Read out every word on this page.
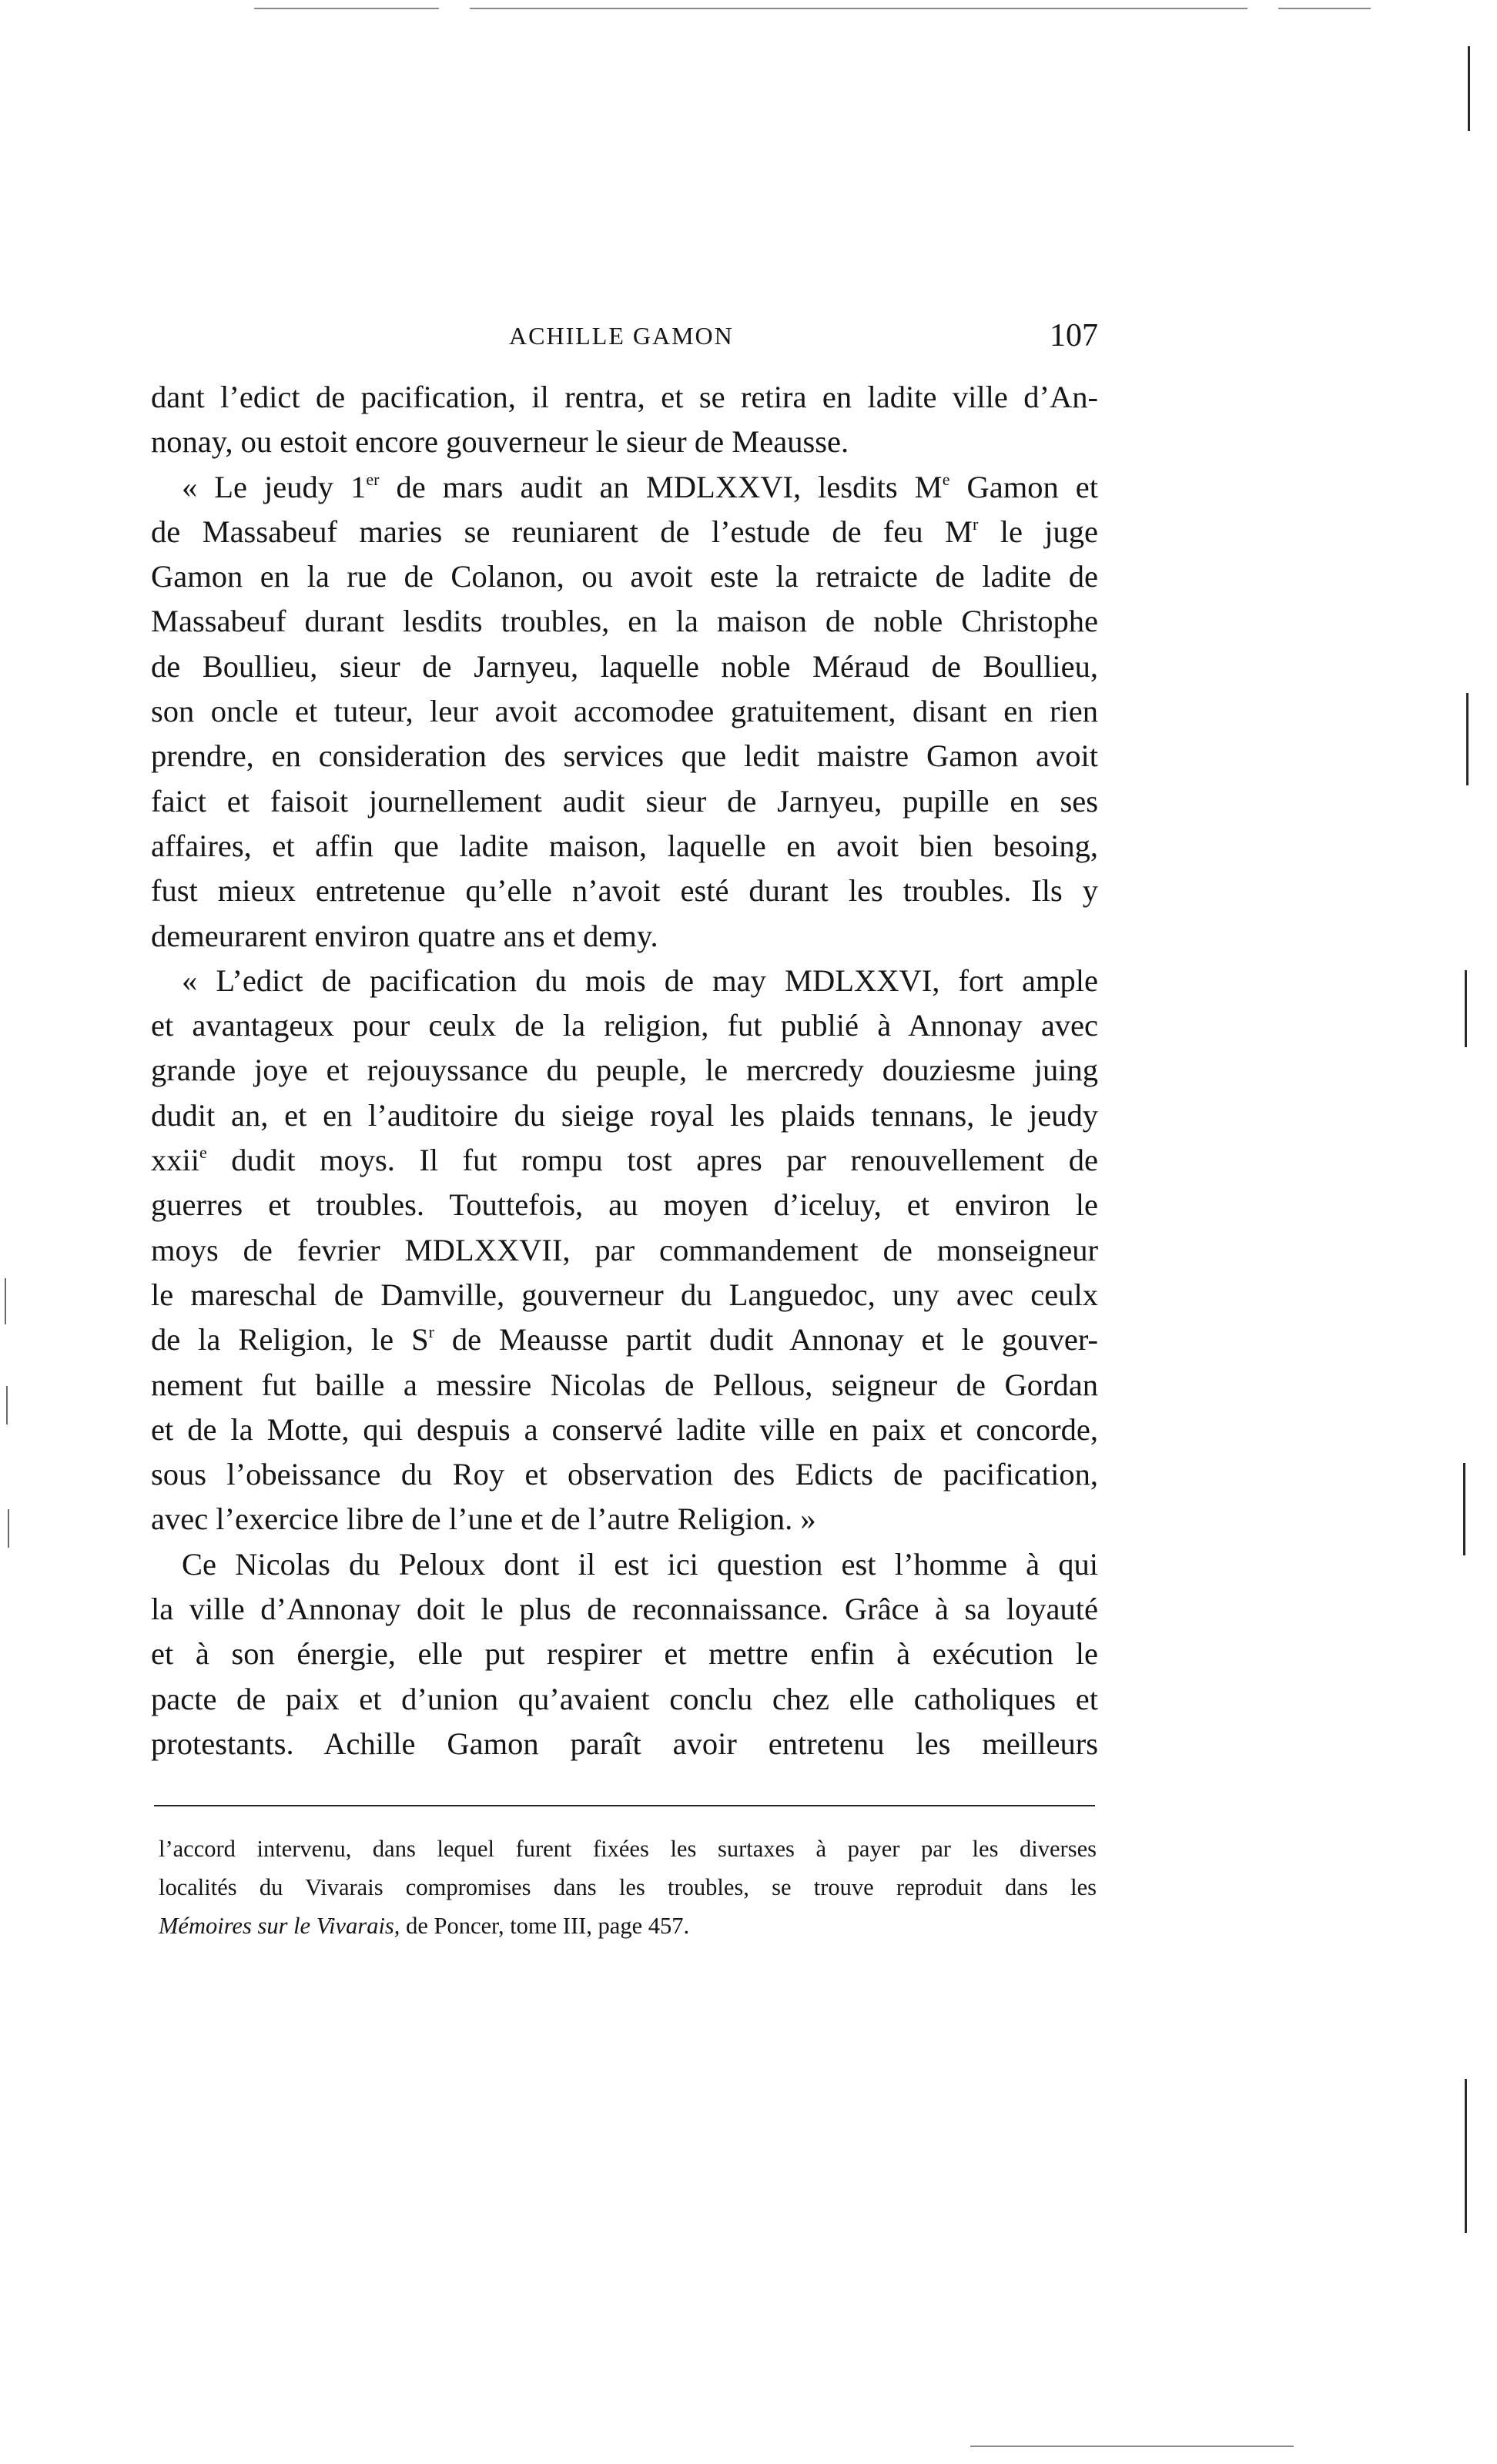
ACHILLE GAMON	107
dant l’edict de pacification, il rentra, et se retira en ladite ville d’An-
nonay, ou estoit encore gouverneur le sieur de Meausse.
« Le jeudy 1er de mars audit an MDLXXVI, lesdits Me Gamon et
de Massabeuf maries se reuniarent de l’estude de feu $M^r$ le juge
Gamon en la rue de Colanon, ou avoit este la retraicte de ladite de
Massabeuf durant lesdits troubles, en la maison de noble Christophe
de Boullieu, sieur de Jarnyeu, laquelle noble Méraud de Boullieu,
son oncle et tuteur, leur avoit accomodee gratuitement, disant en rien
prendre, en consideration des services que ledit maistre Gamon avoit
faict et faisoit journellement audit sieur de Jarnyeu, pupille en ses
affaires, et affin que ladite maison, laquelle en avoit bien besoing,
fust mieux entretenue qu’elle n’avoit esté durant les troubles. Ils y
demeurarent environ quatre ans et demy.
« L’edict de pacification du mois de may MDLXXVI, fort ample
et avantageux pour ceulx de la religion, fut publié à Annonay avec
grande joye et rejouyssance du peuple, le mercredy douziesme juing
dudit an, et en l’auditoire du sieige royal les plaids tennans, le jeudy
xxii$^e$ dudit moys. Il fut rompu tost apres par renouvellement de
guerres et troubles. Touttefois, au moyen d’iceluy, et environ le
moys de fevrier MDLXXVII, par commandement de monseigneur
le mareschal de Damville, gouverneur du Languedoc, uny avec ceulx
de la Religion, le $S^r$ de Meausse partit dudit Annonay et le gouver-
nement fut baille a messire Nicolas de Pellous, seigneur de Gordan
et de la Motte, qui despuis a conservé ladite ville en paix et concorde,
sous l’obeissance du Roy et observation des Edicts de pacification,
avec l’exercice libre de l’une et de l’autre Religion. »
Ce Nicolas du Peloux dont il est ici question est l’homme à qui
la ville d’Annonay doit le plus de reconnaissance. Grâce à sa loyauté
et à son énergie, elle put respirer et mettre enfin à exécution le
pacte de paix et d’union qu’avaient conclu chez elle catholiques et
protestants. Achille Gamon paraît avoir entretenu les meilleurs
l’accord intervenu, dans lequel furent fixées les surtaxes à payer par les diverses
localités du Vivarais compromises dans les troubles, se trouve reproduit dans les
Mémoires sur le Vivarais, de Poncer, tome III, page 457.
